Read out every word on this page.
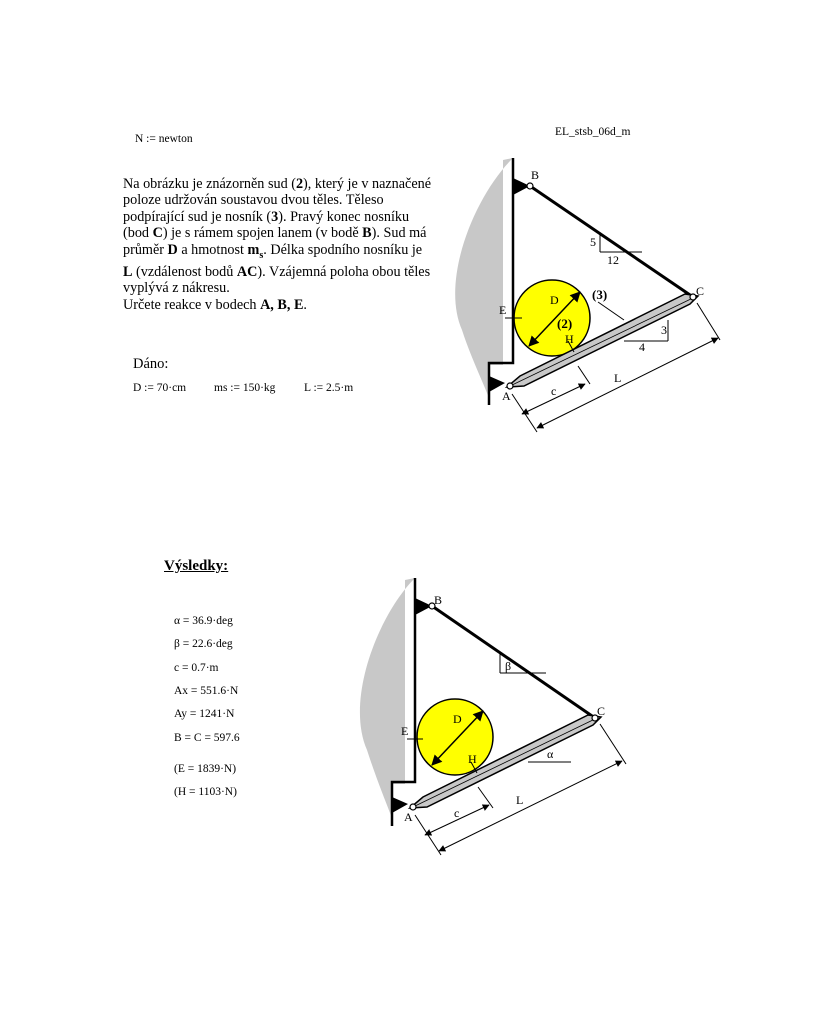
N := newton
EL_stsb_06d_m
Na obrázku je znázorněn sud (2), který je v naznačené poloze udržován soustavou dvou těles. Těleso podpírající sud je nosník (3). Pravý konec nosníku (bod C) je s rámem spojen lanem (v bodě B). Sud má průměr D a hmotnost $m_s$. Délka spodního nosníku je L (vzdálenost bodů AC). Vzájemná poloha obou těles vyplývá z nákresu.
Určete reakce v bodech A, B, E.
Dáno:
D := 70·cm ms := 150·kg L := 2.5·m
Výsledky:
α = 36.9·deg
β = 22.6·deg
c = 0.7·m
Ax = 551.6·N
Ay = 1241·N
B = C = 597.6
(E = 1839·N)
(H = 1103·N)
B
C
A
E
D
H
(2)
(3)
5
12
3
4
L
c
B
C
A
E
D
H
β
α
L
c
